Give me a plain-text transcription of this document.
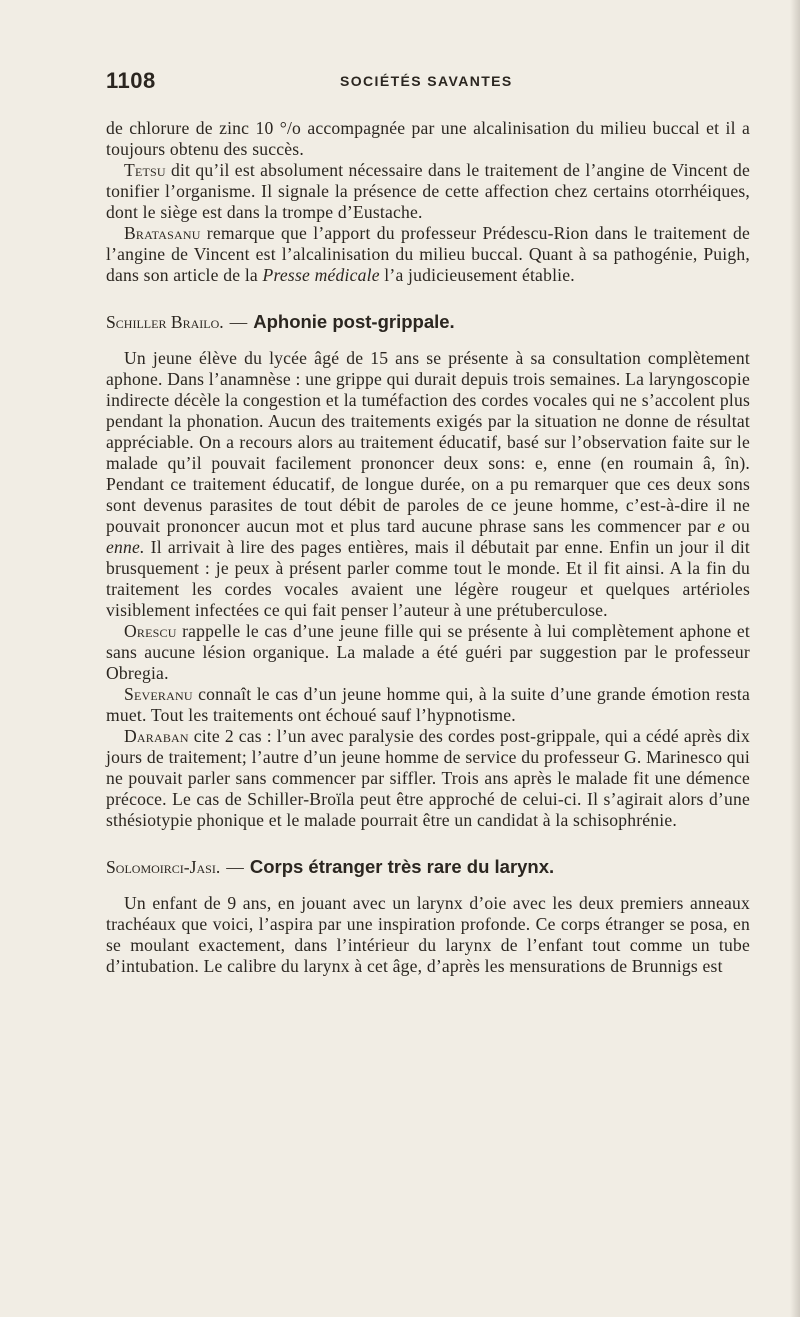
1108	SOCIÉTÉS SAVANTES

de chlorure de zinc 10 °/o accompagnée par une alcalinisation du milieu buccal et il a toujours obtenu des succès.

Tetsu dit qu’il est absolument nécessaire dans le traitement de l’angine de Vincent de tonifier l’organisme. Il signale la présence de cette affection chez certains otorrhéiques, dont le siège est dans la trompe d’Eustache.

Bratasanu remarque que l’apport du professeur Prédescu-Rion dans le traitement de l’angine de Vincent est l’alcalinisation du milieu buccal. Quant à sa pathogénie, Puigh, dans son article de la Presse médicale l’a judicieusement établie.

Schiller Brailo. — Aphonie post-grippale.

Un jeune élève du lycée âgé de 15 ans se présente à sa consultation complètement aphone. Dans l’anamnèse : une grippe qui durait depuis trois semaines. La laryngoscopie indirecte décèle la congestion et la tuméfaction des cordes vocales qui ne s’accolent plus pendant la phonation. Aucun des traitements exigés par la situation ne donne de résultat appréciable. On a recours alors au traitement éducatif, basé sur l’observation faite sur le malade qu’il pouvait facilement prononcer deux sons: e, enne (en roumain â, în). Pendant ce traitement éducatif, de longue durée, on a pu remarquer que ces deux sons sont devenus parasites de tout débit de paroles de ce jeune homme, c’est-à-dire il ne pouvait prononcer aucun mot et plus tard aucune phrase sans les commencer par e ou enne. Il arrivait à lire des pages entières, mais il débutait par enne. Enfin un jour il dit brusquement : je peux à présent parler comme tout le monde. Et il fit ainsi. A la fin du traitement les cordes vocales avaient une légère rougeur et quelques artérioles visiblement infectées ce qui fait penser l’auteur à une prétuberculose.

Orescu rappelle le cas d’une jeune fille qui se présente à lui complètement aphone et sans aucune lésion organique. La malade a été guéri par suggestion par le professeur Obregia.

Severanu connaît le cas d’un jeune homme qui, à la suite d’une grande émotion resta muet. Tout les traitements ont échoué sauf l’hypnotisme.

Daraban cite 2 cas : l’un avec paralysie des cordes post-grippale, qui a cédé après dix jours de traitement; l’autre d’un jeune homme de service du professeur G. Marinesco qui ne pouvait parler sans commencer par siffler. Trois ans après le malade fit une démence précoce. Le cas de Schiller-Broïla peut être approché de celui-ci. Il s’agirait alors d’une sthésiotypie phonique et le malade pourrait être un candidat à la schisophrénie.

Solomoirci-Jasi. — Corps étranger très rare du larynx.

Un enfant de 9 ans, en jouant avec un larynx d’oie avec les deux premiers anneaux trachéaux que voici, l’aspira par une inspiration profonde. Ce corps étranger se posa, en se moulant exactement, dans l’intérieur du larynx de l’enfant tout comme un tube d’intubation. Le calibre du larynx à cet âge, d’après les mensurations de Brunnigs est
